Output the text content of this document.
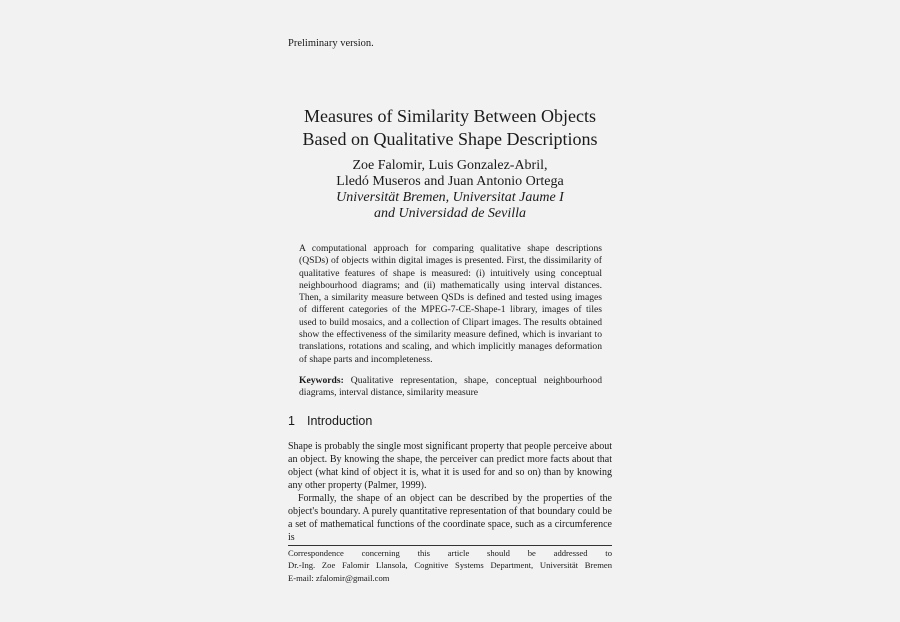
Preliminary version.
Measures of Similarity Between Objects
Based on Qualitative Shape Descriptions
Zoe Falomir, Luis Gonzalez-Abril,
Lledó Museros and Juan Antonio Ortega
Universität Bremen, Universitat Jaume I
and Universidad de Sevilla
A computational approach for comparing qualitative shape descriptions (QSDs) of objects within digital images is presented. First, the dissimilarity of qualitative features of shape is measured: (i) intuitively using conceptual neighbourhood diagrams; and (ii) mathematically using interval distances. Then, a similarity measure between QSDs is defined and tested using images of different categories of the MPEG-7-CE-Shape-1 library, images of tiles used to build mosaics, and a collection of Clipart images. The results obtained show the effectiveness of the similarity measure defined, which is invariant to translations, rotations and scaling, and which implicitly manages deformation of shape parts and incompleteness.
Keywords: Qualitative representation, shape, conceptual neighbourhood diagrams, interval distance, similarity measure
1 Introduction

Shape is probably the single most significant property that people perceive about an object. By knowing the shape, the perceiver can predict more facts about that object (what kind of object it is, what it is used for and so on) than by knowing any other property (Palmer, 1999).

Formally, the shape of an object can be described by the properties of the object's boundary. A purely quantitative representation of that boundary could be a set of mathematical functions of the coordinate space, such as a circumference is

Correspondence concerning this article should be addressed to
Dr.-Ing. Zoe Falomir Llansola, Cognitive Systems Department, Universität Bremen
E-mail: zfalomir@gmail.com
